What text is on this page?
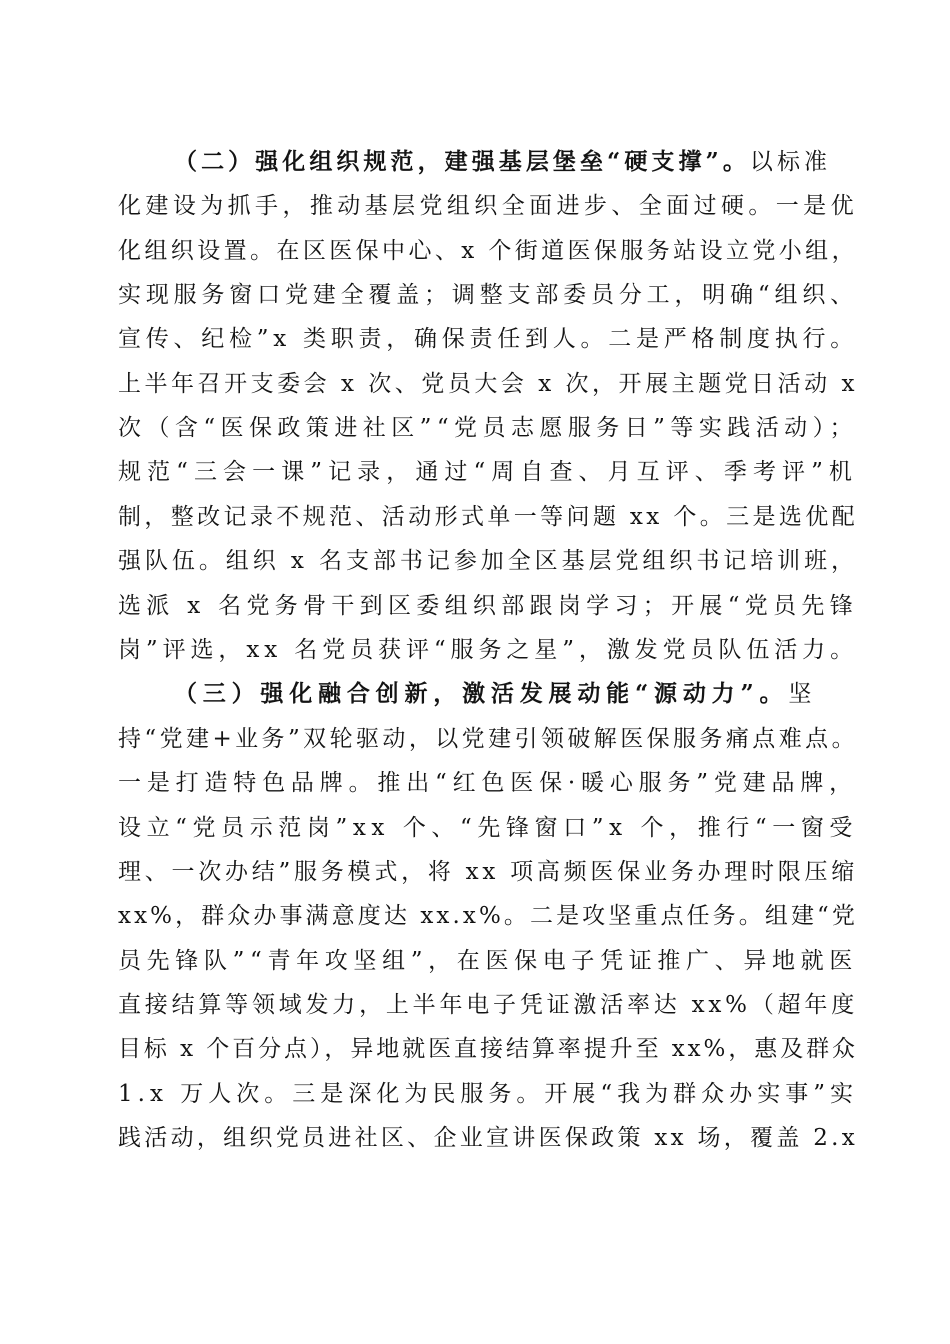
（二）强化组织规范，建强基层堡垒“硬支撑”。以标准
化建设为抓手，推动基层党组织全面进步、全面过硬。一是优
化组织设置。在区医保中心、x 个街道医保服务站设立党小组，
实现服务窗口党建全覆盖；调整支部委员分工，明确“组织、
宣传、纪检”x 类职责，确保责任到人。二是严格制度执行。
上半年召开支委会 x 次、党员大会 x 次，开展主题党日活动 x
次（含“医保政策进社区”“党员志愿服务日”等实践活动）；
规范“三会一课”记录，通过“周自查、月互评、季考评”机
制，整改记录不规范、活动形式单一等问题 xx 个。三是选优配
强队伍。组织 x 名支部书记参加全区基层党组织书记培训班，
选派 x 名党务骨干到区委组织部跟岗学习；开展“党员先锋
岗”评选，xx 名党员获评“服务之星”，激发党员队伍活力。
（三）强化融合创新，激活发展动能“源动力”。坚
持“党建+业务”双轮驱动，以党建引领破解医保服务痛点难点。
一是打造特色品牌。推出“红色医保·暖心服务”党建品牌，
设立“党员示范岗”xx 个、“先锋窗口”x 个，推行“一窗受
理、一次办结”服务模式，将 xx 项高频医保业务办理时限压缩
xx%，群众办事满意度达 xx.x%。二是攻坚重点任务。组建“党
员先锋队”“青年攻坚组”，在医保电子凭证推广、异地就医
直接结算等领域发力，上半年电子凭证激活率达 xx%（超年度
目标 x 个百分点），异地就医直接结算率提升至 xx%，惠及群众
1.x 万人次。三是深化为民服务。开展“我为群众办实事”实
践活动，组织党员进社区、企业宣讲医保政策 xx 场，覆盖 2.x
